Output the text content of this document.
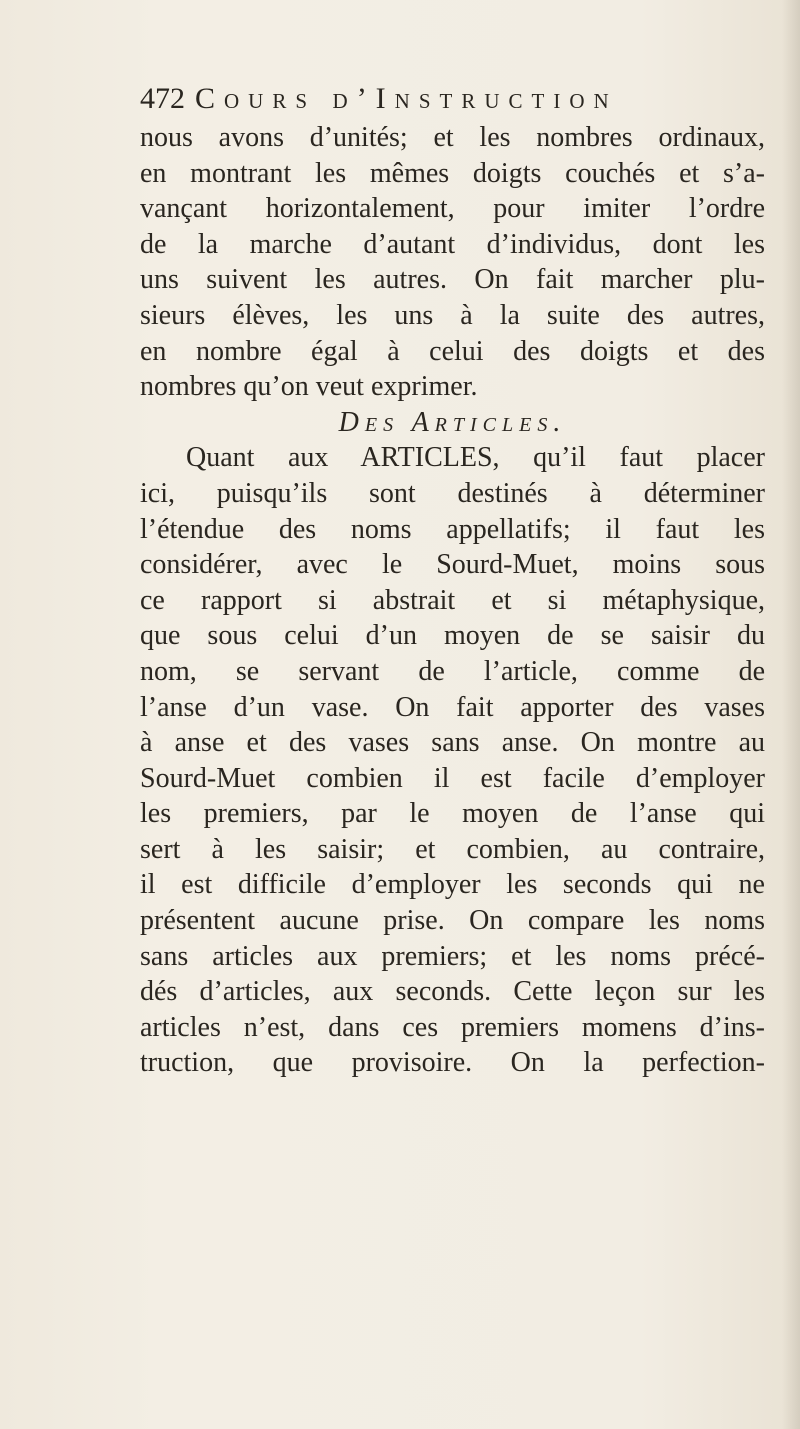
472 Cours d’Instruction
nous avons d’unités; et les nombres ordinaux,
en montrant les mêmes doigts couchés et s’a-
vançant horizontalement, pour imiter l’ordre
de la marche d’autant d’individus, dont les
uns suivent les autres. On fait marcher plu-
sieurs élèves, les uns à la suite des autres,
en nombre égal à celui des doigts et des
nombres qu’on veut exprimer.
Des Articles.
Quant aux ARTICLES, qu’il faut placer
ici, puisqu’ils sont destinés à déterminer
l’étendue des noms appellatifs; il faut les
considérer, avec le Sourd-Muet, moins sous
ce rapport si abstrait et si métaphysique,
que sous celui d’un moyen de se saisir du
nom, se servant de l’article, comme de
l’anse d’un vase. On fait apporter des vases
à anse et des vases sans anse. On montre au
Sourd-Muet combien il est facile d’employer
les premiers, par le moyen de l’anse qui
sert à les saisir; et combien, au contraire,
il est difficile d’employer les seconds qui ne
présentent aucune prise. On compare les noms
sans articles aux premiers; et les noms précé-
dés d’articles, aux seconds. Cette leçon sur les
articles n’est, dans ces premiers momens d’ins-
truction, que provisoire. On la perfection-
